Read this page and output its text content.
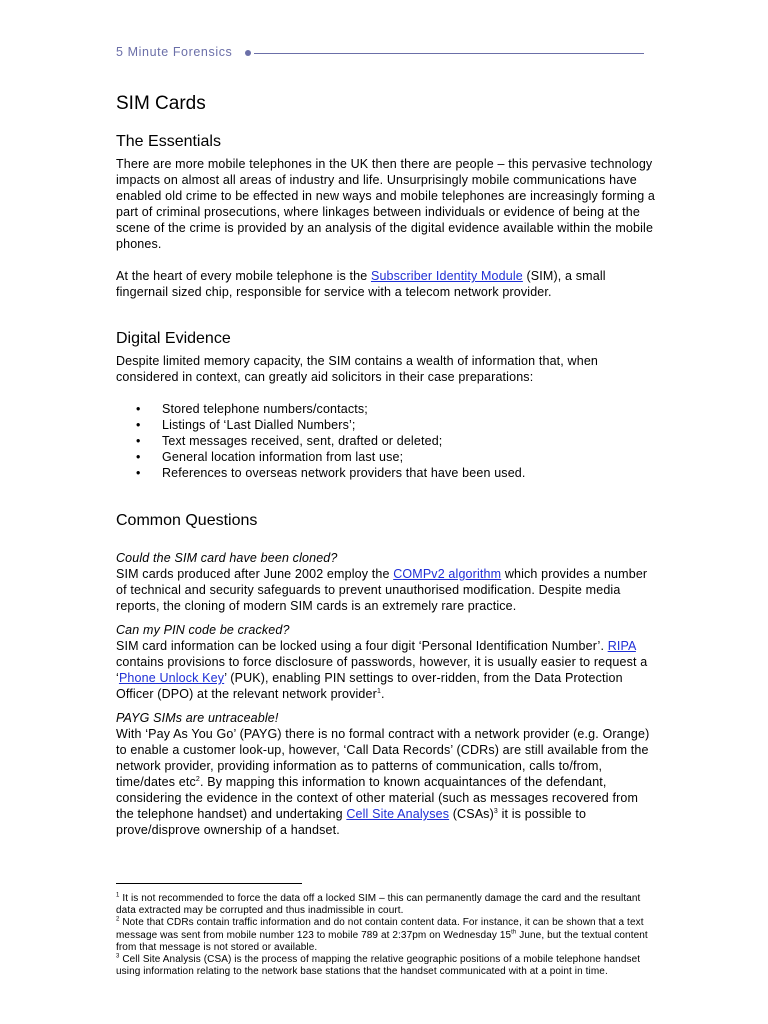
5 Minute Forensics
SIM Cards
The Essentials

There are more mobile telephones in the UK then there are people – this pervasive technology impacts on almost all areas of industry and life. Unsurprisingly mobile communications have enabled old crime to be effected in new ways and mobile telephones are increasingly forming a part of criminal prosecutions, where linkages between individuals or evidence of being at the scene of the crime is provided by an analysis of the digital evidence available within the mobile phones.

At the heart of every mobile telephone is the Subscriber Identity Module (SIM), a small fingernail sized chip, responsible for service with a telecom network provider.

Digital Evidence

Despite limited memory capacity, the SIM contains a wealth of information that, when considered in context, can greatly aid solicitors in their case preparations:

• Stored telephone numbers/contacts;
• Listings of ‘Last Dialled Numbers’;
• Text messages received, sent, drafted or deleted;
• General location information from last use;
• References to overseas network providers that have been used.
Common Questions

Could the SIM card have been cloned?

SIM cards produced after June 2002 employ the COMPv2 algorithm which provides a number of technical and security safeguards to prevent unauthorised modification. Despite media reports, the cloning of modern SIM cards is an extremely rare practice.

Can my PIN code be cracked?

SIM card information can be locked using a four digit ‘Personal Identification Number’. RIPA contains provisions to force disclosure of passwords, however, it is usually easier to request a ‘Phone Unlock Key’ (PUK), enabling PIN settings to over-ridden, from the Data Protection Officer (DPO) at the relevant network provider$^1$.

PAYG SIMs are untraceable!

With ‘Pay As You Go’ (PAYG) there is no formal contract with a network provider (e.g. Orange) to enable a customer look-up, however, ‘Call Data Records’ (CDRs) are still available from the network provider, providing information as to patterns of communication, calls to/from, time/dates etc$^2$. By mapping this information to known acquaintances of the defendant, considering the evidence in the context of other material (such as messages recovered from the telephone handset) and undertaking Cell Site Analyses (CSAs)$^3$ it is possible to prove/disprove ownership of a handset.

$^1$ It is not recommended to force the data off a locked SIM – this can permanently damage the card and the resultant data extracted may be corrupted and thus inadmissible in court.

$^2$ Note that CDRs contain traffic information and do not contain content data. For instance, it can be shown that a text message was sent from mobile number 123 to mobile 789 at 2:37pm on Wednesday 15th June, but the textual content from that message is not stored or available.

$^3$ Cell Site Analysis (CSA) is the process of mapping the relative geographic positions of a mobile telephone handset using information relating to the network base stations that the handset communicated with at a point in time.
